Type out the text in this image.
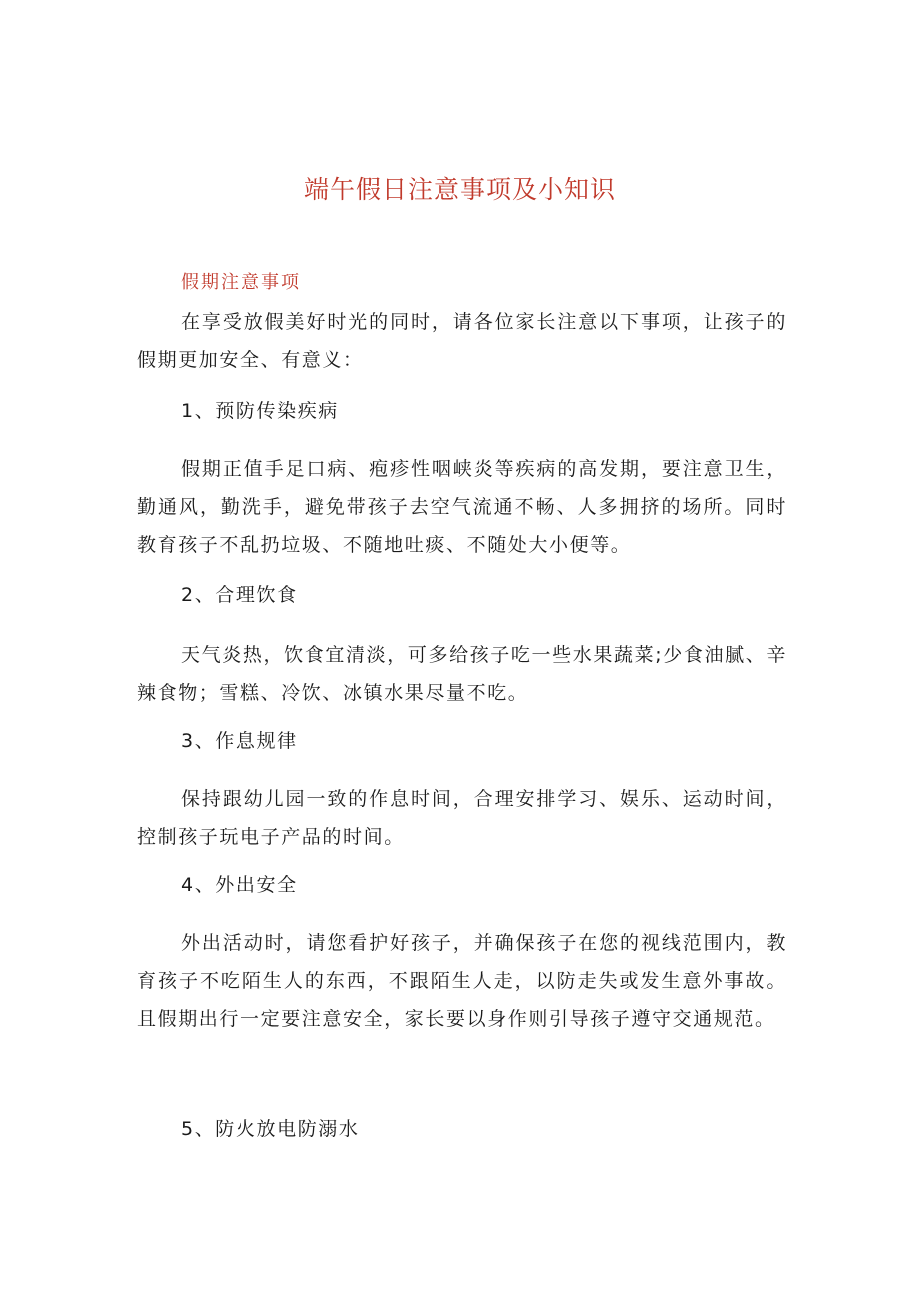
端午假日注意事项及小知识
假期注意事项
在享受放假美好时光的同时，请各位家长注意以下事项，让孩子的假期更加安全、有意义：
1、预防传染疾病
假期正值手足口病、疱疹性咽峡炎等疾病的高发期，要注意卫生，勤通风，勤洗手，避免带孩子去空气流通不畅、人多拥挤的场所。同时教育孩子不乱扔垃圾、不随地吐痰、不随处大小便等。
2、合理饮食
天气炎热，饮食宜清淡，可多给孩子吃一些水果蔬菜;少食油腻、辛辣食物；雪糕、冷饮、冰镇水果尽量不吃。
3、作息规律
保持跟幼儿园一致的作息时间，合理安排学习、娱乐、运动时间，控制孩子玩电子产品的时间。
4、外出安全
外出活动时，请您看护好孩子，并确保孩子在您的视线范围内，教育孩子不吃陌生人的东西，不跟陌生人走，以防走失或发生意外事故。且假期出行一定要注意安全，家长要以身作则引导孩子遵守交通规范。
5、防火放电防溺水
